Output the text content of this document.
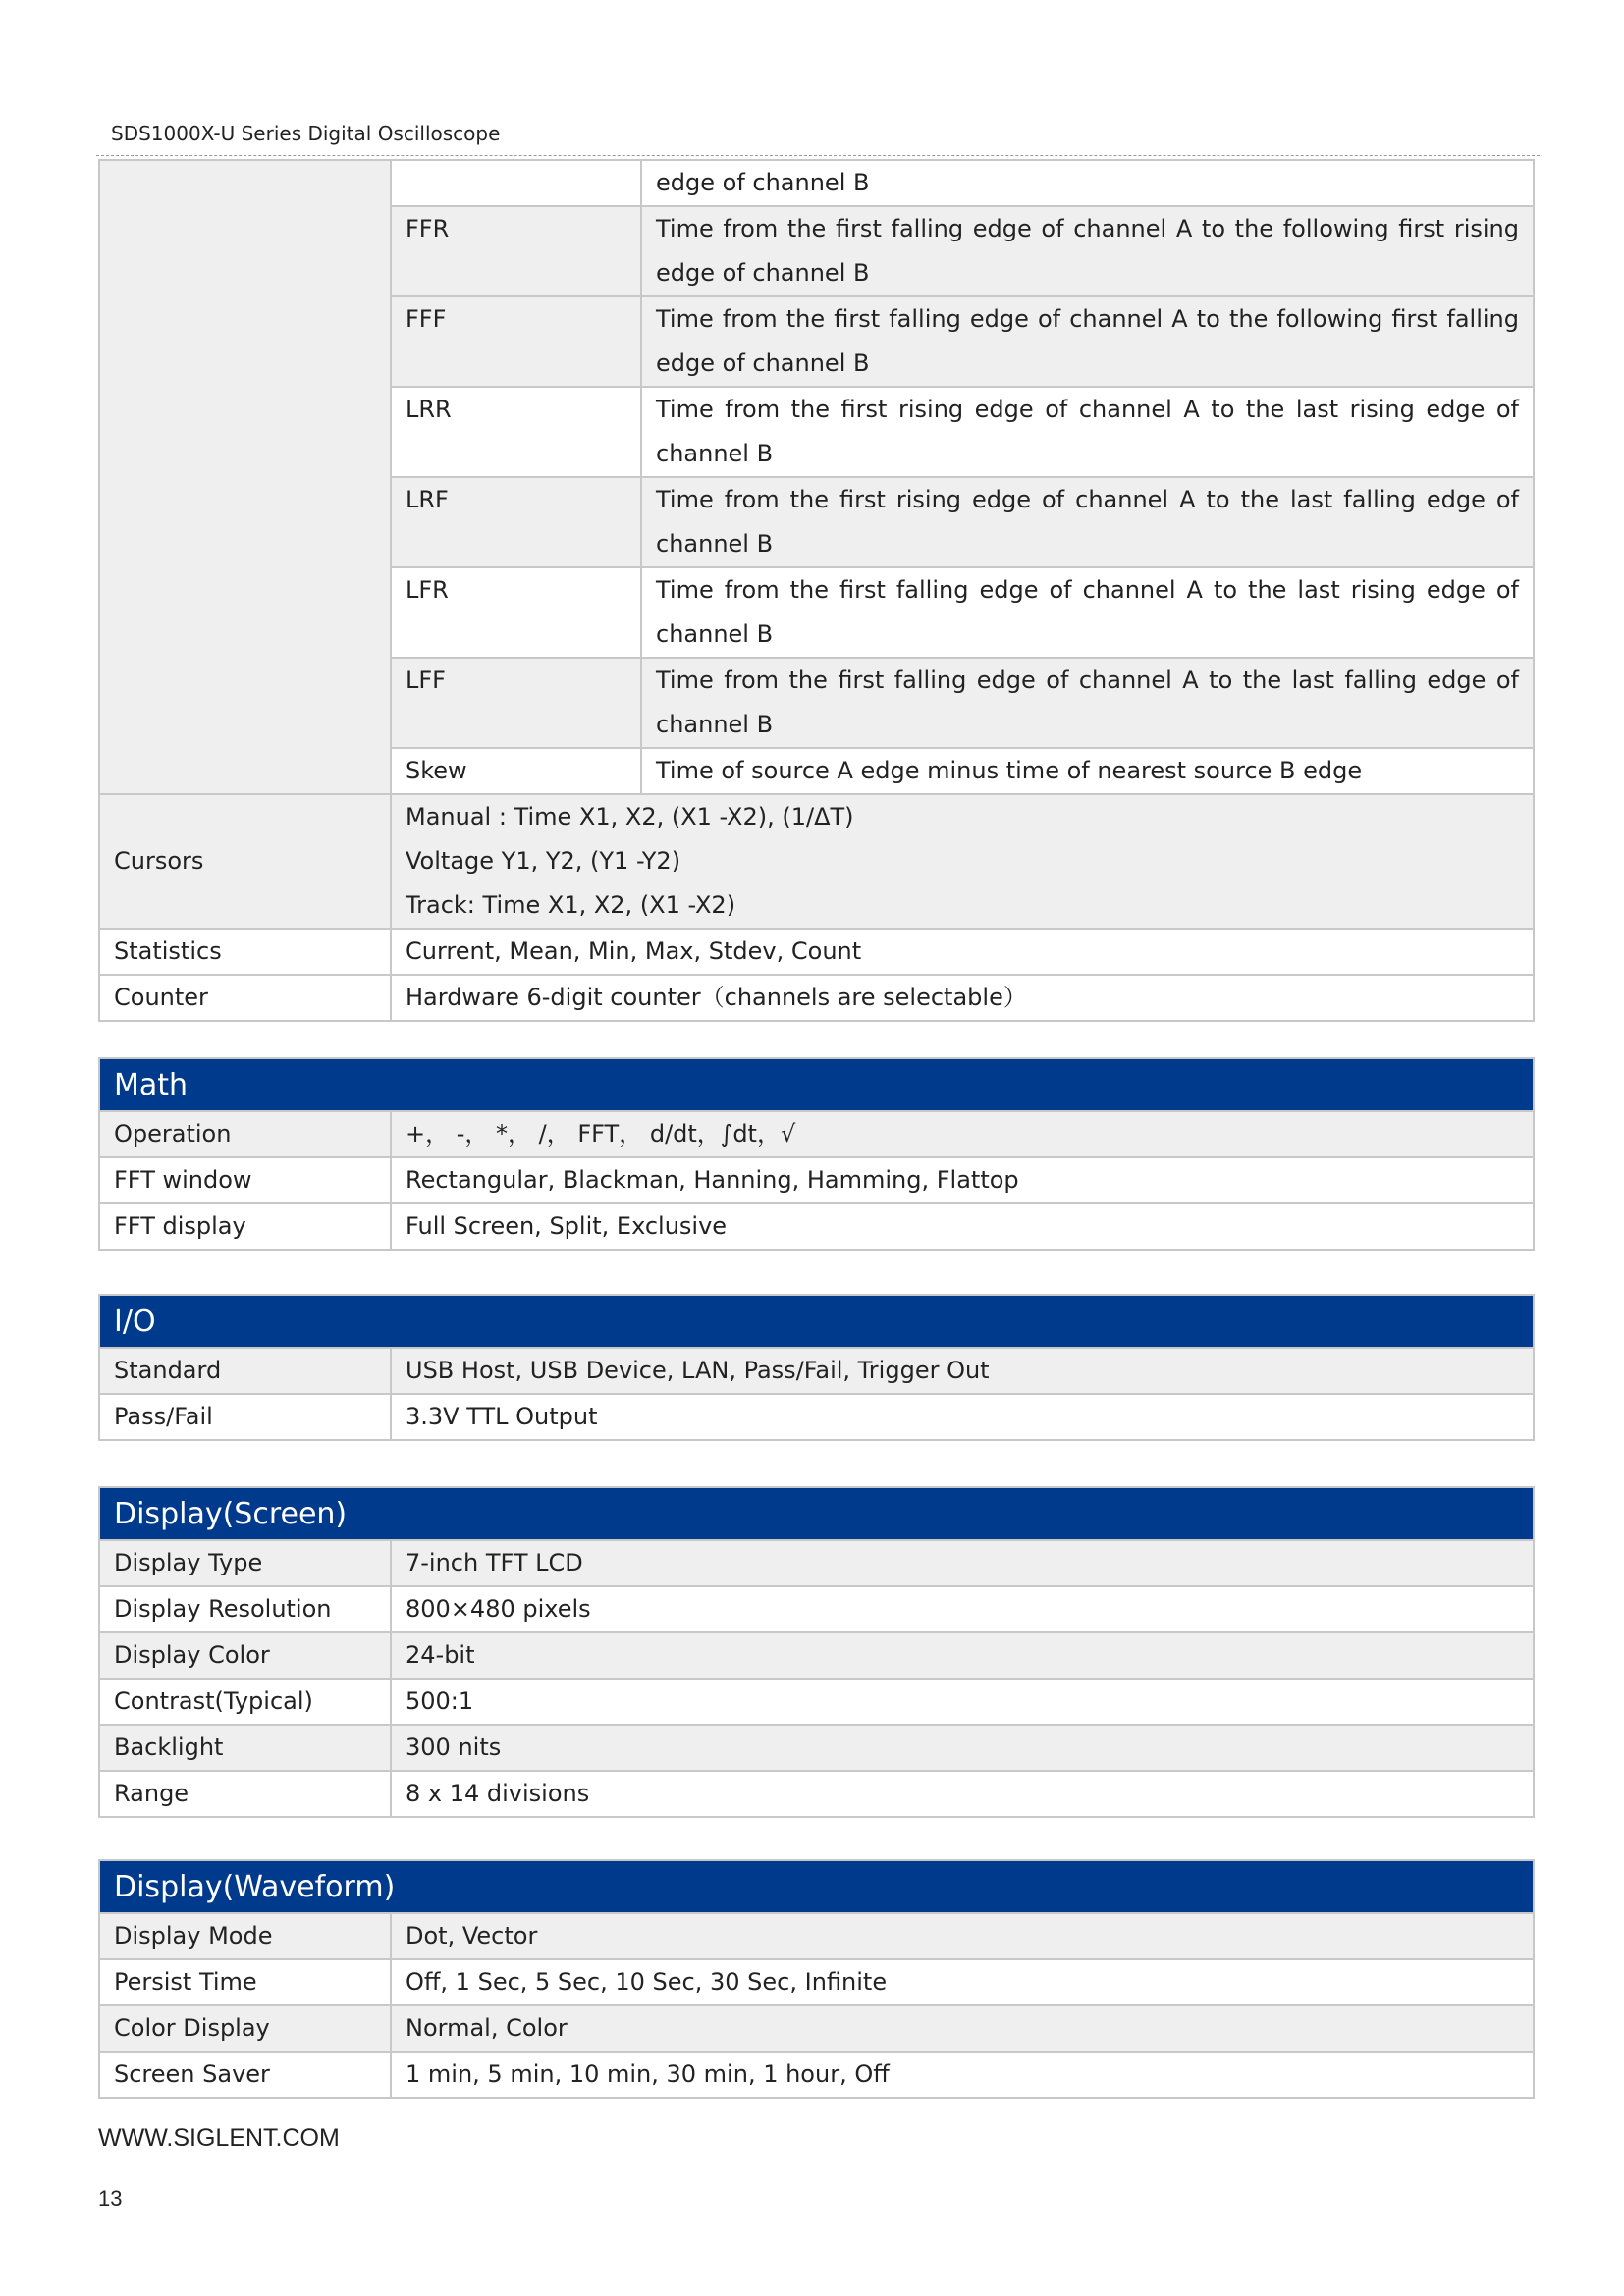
SDS1000X-U Series Digital Oscilloscope
		edge of channel B
	FFR	Time from the first falling edge of channel A to the following first rising edge of channel B
	FFF	Time from the first falling edge of channel A to the following first falling edge of channel B
	LRR	Time from the first rising edge of channel A to the last rising edge of channel B
	LRF	Time from the first rising edge of channel A to the last falling edge of channel B
	LFR	Time from the first falling edge of channel A to the last rising edge of channel B
	LFF	Time from the first falling edge of channel A to the last falling edge of channel B
	Skew	Time of source A edge minus time of nearest source B edge
Cursors	Manual : Time X1, X2, (X1 -X2), (1/ΔT)
Voltage Y1, Y2, (Y1 -Y2)
Track: Time X1, X2, (X1 -X2)	

Statistics	Current, Mean, Min, Max, Stdev, Count	
Counter	Hardware 6-digit counter（channels are selectable）	
Math	
Operation	+， -， *， /， FFT， d/dt，∫dt，√
FFT window	Rectangular, Blackman, Hanning, Hamming, Flattop
FFT display	Full Screen, Split, Exclusive
I/O	
Standard	USB Host, USB Device, LAN, Pass/Fail, Trigger Out
Pass/Fail	3.3V TTL Output
Display(Screen)	
Display Type	7-inch TFT LCD
Display Resolution	800×480 pixels
Display Color	24-bit
Contrast(Typical)	500:1
Backlight	300 nits
Range	8 x 14 divisions
Display(Waveform)	
Display Mode	Dot, Vector
Persist Time	Off, 1 Sec, 5 Sec, 10 Sec, 30 Sec, Infinite
Color Display	Normal, Color
Screen Saver	1 min, 5 min, 10 min, 30 min, 1 hour, Off
WWW.SIGLENT.COM
13
